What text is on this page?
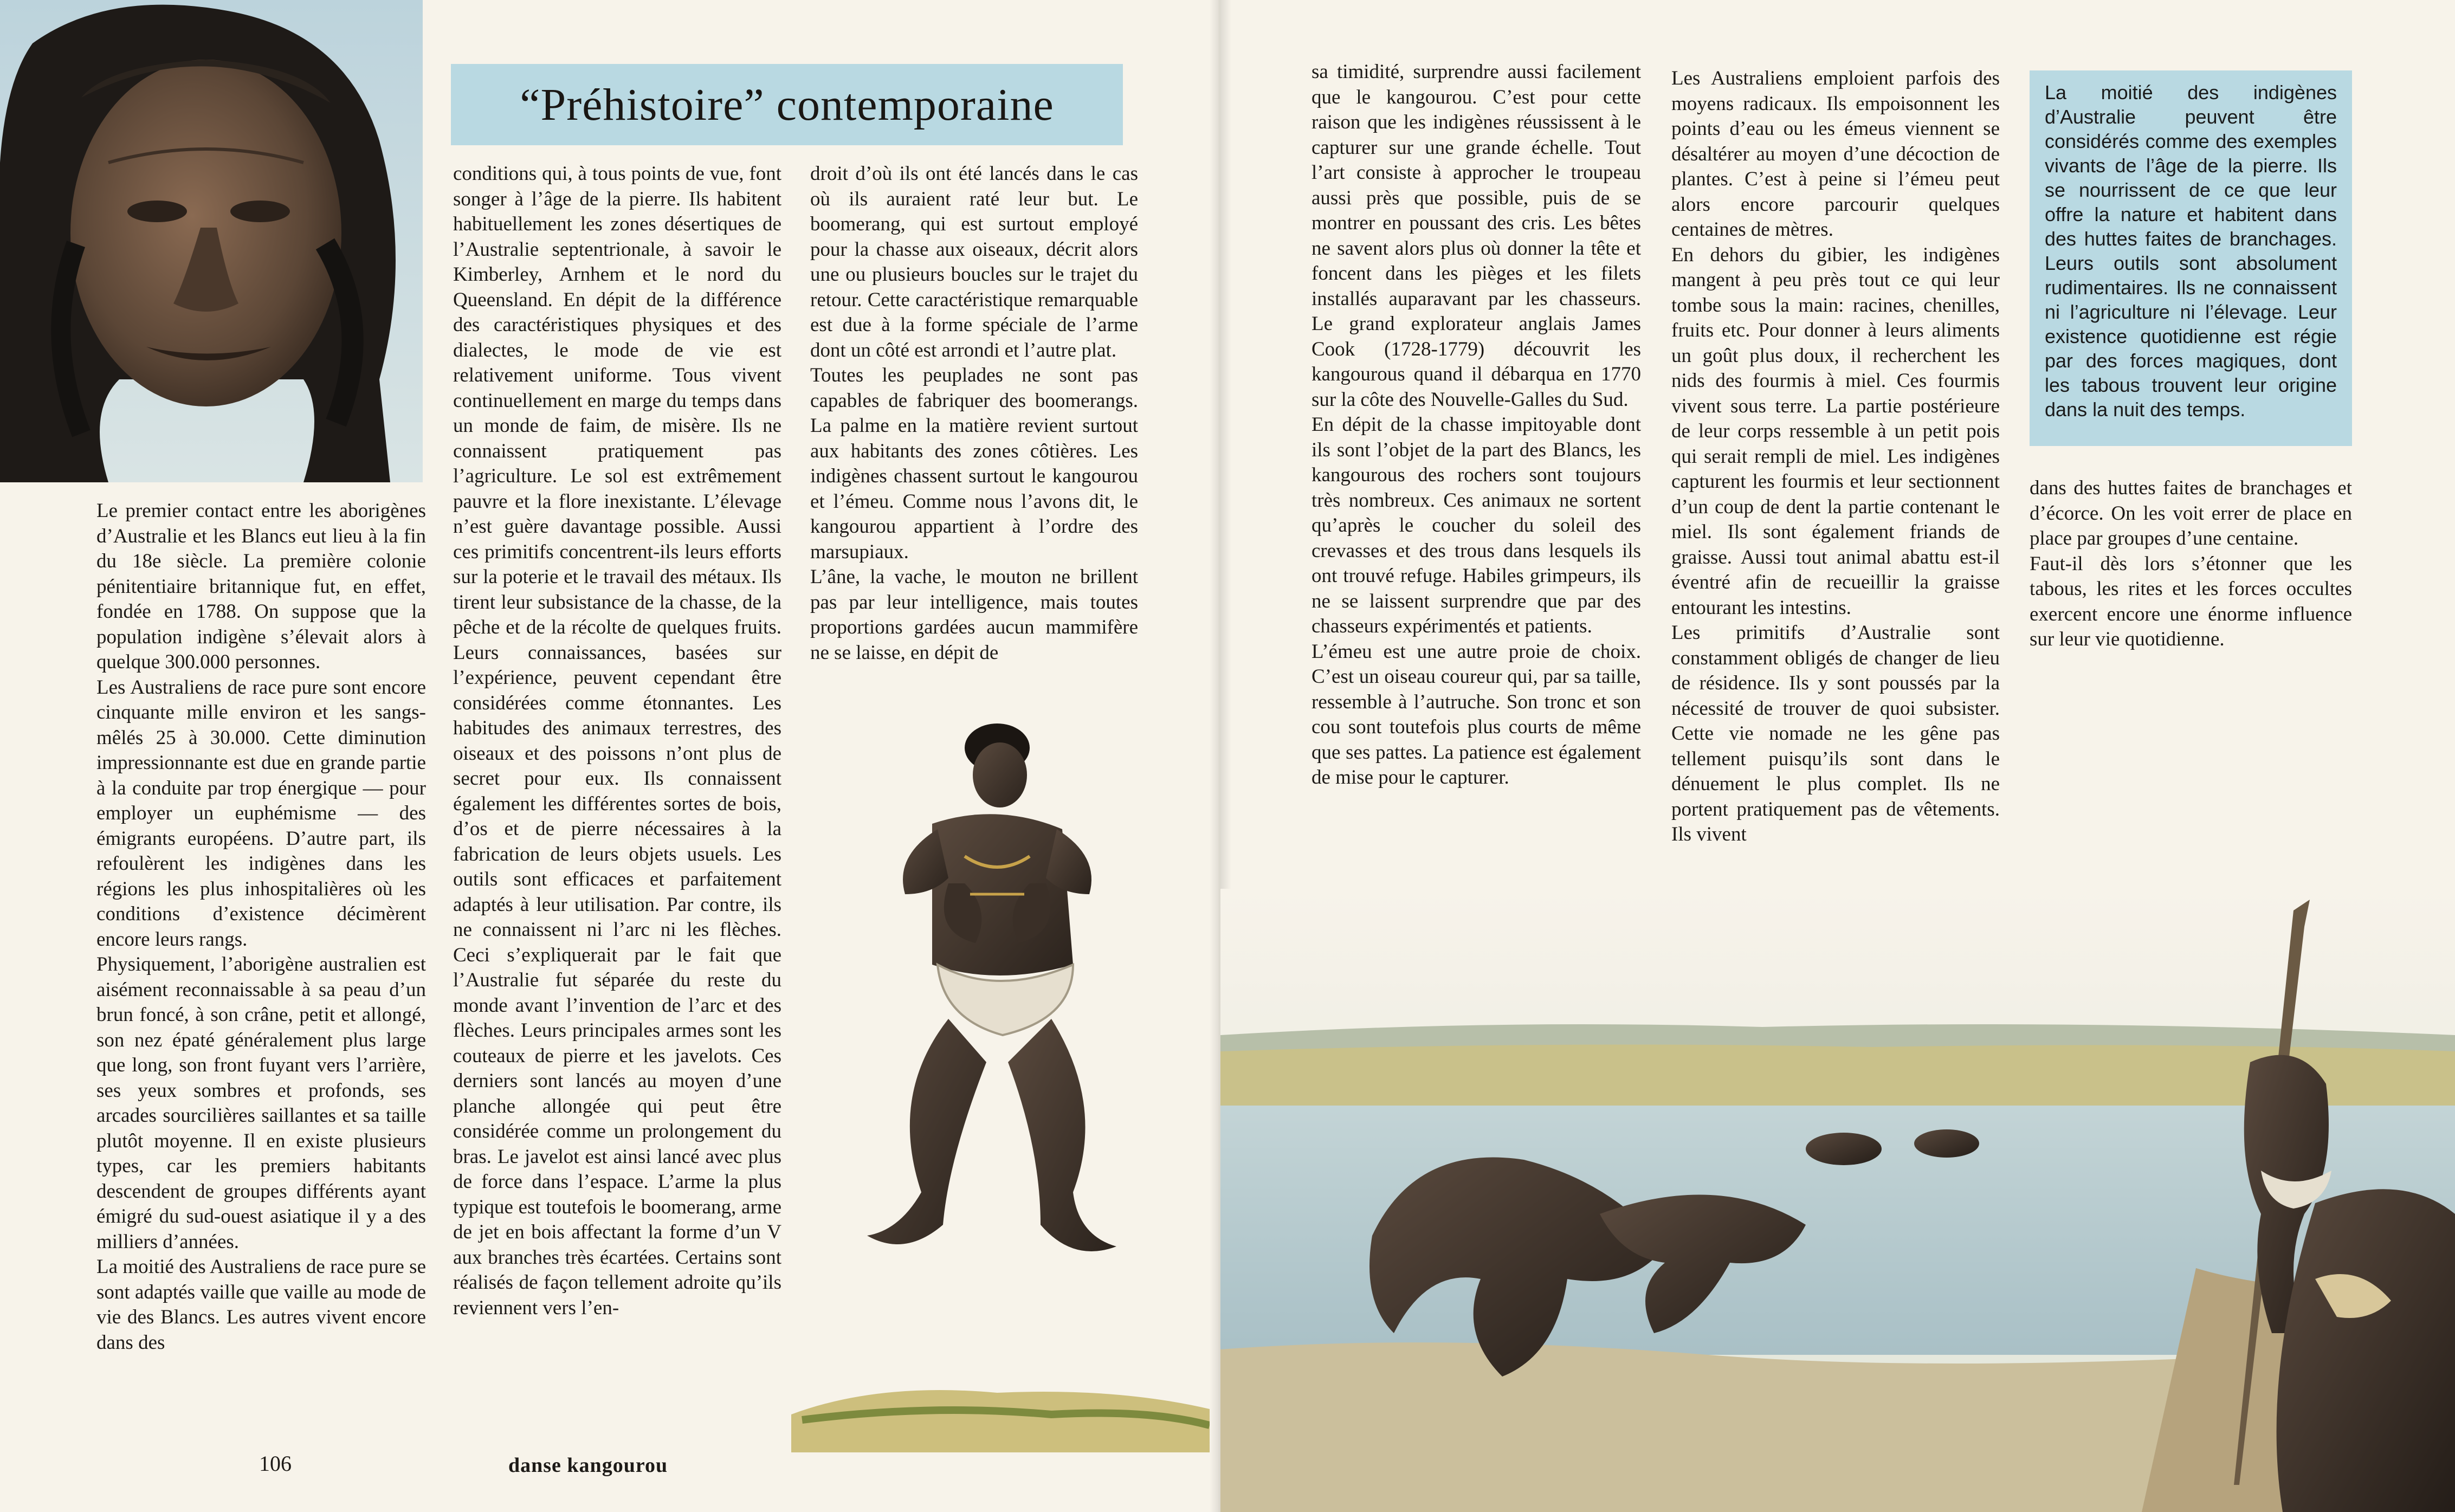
“Préhistoire” contemporaine

Le premier contact entre les aborigènes d’Australie et les Blancs eut lieu à la fin du 18e siècle. La première colonie pénitentiaire britannique fut, en effet, fondée en 1788. On suppose que la population indigène s’élevait alors à quelque 300.000 personnes.

Les Australiens de race pure sont encore cinquante mille environ et les sangs-mêlés 25 à 30.000. Cette diminution impressionnante est due en grande partie à la conduite par trop énergique — pour employer un euphémisme — des émigrants européens. D’autre part, ils refoulèrent les indigènes dans les régions les plus inhospitalières où les conditions d’existence décimèrent encore leurs rangs.

Physiquement, l’aborigène australien est aisément reconnaissable à sa peau d’un brun foncé, à son crâne, petit et allongé, son nez épaté généralement plus large que long, son front fuyant vers l’arrière, ses yeux sombres et profonds, ses arcades sourcilières saillantes et sa taille plutôt moyenne. Il en existe plusieurs types, car les premiers habitants descendent de groupes différents ayant émigré du sud-ouest asiatique il y a des milliers d’années.

La moitié des Australiens de race pure se sont adaptés vaille que vaille au mode de vie des Blancs. Les autres vivent encore dans des

conditions qui, à tous points de vue, font songer à l’âge de la pierre. Ils habitent habituellement les zones désertiques de l’Australie septentrionale, à savoir le Kimberley, Arnhem et le nord du Queensland. En dépit de la différence des caractéristiques physiques et des dialectes, le mode de vie est relativement uniforme. Tous vivent continuellement en marge du temps dans un monde de faim, de misère. Ils ne connaissent pratiquement pas l’agriculture. Le sol est extrêmement pauvre et la flore inexistante. L’élevage n’est guère davantage possible. Aussi ces primitifs concentrent-ils leurs efforts sur la poterie et le travail des métaux. Ils tirent leur subsistance de la chasse, de la pêche et de la récolte de quelques fruits. Leurs connaissances, basées sur l’expérience, peuvent cependant être considérées comme étonnantes. Les habitudes des animaux terrestres, des oiseaux et des poissons n’ont plus de secret pour eux. Ils connaissent également les différentes sortes de bois, d’os et de pierre nécessaires à la fabrication de leurs objets usuels. Les outils sont efficaces et parfaitement adaptés à leur utilisation. Par contre, ils ne connaissent ni l’arc ni les flèches. Ceci s’expliquerait par le fait que l’Australie fut séparée du reste du monde avant l’invention de l’arc et des flèches. Leurs principales armes sont les couteaux de pierre et les javelots. Ces derniers sont lancés au moyen d’une planche allongée qui peut être considérée comme un prolongement du bras. Le javelot est ainsi lancé avec plus de force dans l’espace. L’arme la plus typique est toutefois le boomerang, arme de jet en bois affectant la forme d’un V aux branches très écartées. Certains sont réalisés de façon tellement adroite qu’ils reviennent vers l’en-

droit d’où ils ont été lancés dans le cas où ils auraient raté leur but. Le boomerang, qui est surtout employé pour la chasse aux oiseaux, décrit alors une ou plusieurs boucles sur le trajet du retour. Cette caractéristique remarquable est due à la forme spéciale de l’arme dont un côté est arrondi et l’autre plat.

Toutes les peuplades ne sont pas capables de fabriquer des boomerangs. La palme en la matière revient surtout aux habitants des zones côtières. Les indigènes chassent surtout le kangourou et l’émeu. Comme nous l’avons dit, le kangourou appartient à l’ordre des marsupiaux.

L’âne, la vache, le mouton ne brillent pas par leur intelligence, mais toutes proportions gardées aucun mammifère ne se laisse, en dépit de

sa timidité, surprendre aussi facilement que le kangourou. C’est pour cette raison que les indigènes réussissent à le capturer sur une grande échelle. Tout l’art consiste à approcher le troupeau aussi près que possible, puis de se montrer en poussant des cris. Les bêtes ne savent alors plus où donner la tête et foncent dans les pièges et les filets installés auparavant par les chasseurs. Le grand explorateur anglais James Cook (1728-1779) découvrit les kangourous quand il débarqua en 1770 sur la côte des Nouvelle-Galles du Sud.

En dépit de la chasse impitoyable dont ils sont l’objet de la part des Blancs, les kangourous des rochers sont toujours très nombreux. Ces animaux ne sortent qu’après le coucher du soleil des crevasses et des trous dans lesquels ils ont trouvé refuge. Habiles grimpeurs, ils ne se laissent surprendre que par des chasseurs expérimentés et patients.

L’émeu est une autre proie de choix. C’est un oiseau coureur qui, par sa taille, ressemble à l’autruche. Son tronc et son cou sont toutefois plus courts de même que ses pattes. La patience est également de mise pour le capturer.

Les Australiens emploient parfois des moyens radicaux. Ils empoisonnent les points d’eau ou les émeus viennent se désaltérer au moyen d’une décoction de plantes. C’est à peine si l’émeu peut alors encore parcourir quelques centaines de mètres.

En dehors du gibier, les indigènes mangent à peu près tout ce qui leur tombe sous la main: racines, chenilles, fruits etc. Pour donner à leurs aliments un goût plus doux, il recherchent les nids des fourmis à miel. Ces fourmis vivent sous terre. La partie postérieure de leur corps ressemble à un petit pois qui serait rempli de miel. Les indigènes capturent les fourmis et leur sectionnent d’un coup de dent la partie contenant le miel. Ils sont également friands de graisse. Aussi tout animal abattu est-il éventré afin de recueillir la graisse entourant les intestins.

Les primitifs d’Australie sont constamment obligés de changer de lieu de résidence. Ils y sont poussés par la nécessité de trouver de quoi subsister. Cette vie nomade ne les gêne pas tellement puisqu’ils sont dans le dénuement le plus complet. Ils ne portent pratiquement pas de vêtements. Ils vivent

La moitié des indigènes d’Australie peuvent être considérés comme des exemples vivants de l’âge de la pierre. Ils se nourrissent de ce que leur offre la nature et habitent dans des huttes faites de branchages. Leurs outils sont absolument rudimentaires. Ils ne connaissent ni l’agriculture ni l’élevage. Leur existence quotidienne est régie par des forces magiques, dont les tabous trouvent leur origine dans la nuit des temps.

dans des huttes faites de branchages et d’écorce. On les voit errer de place en place par groupes d’une centaine.

Faut-il dès lors s’étonner que les tabous, les rites et les forces occultes exercent encore une énorme influence sur leur vie quotidienne.

106	danse kangourou
